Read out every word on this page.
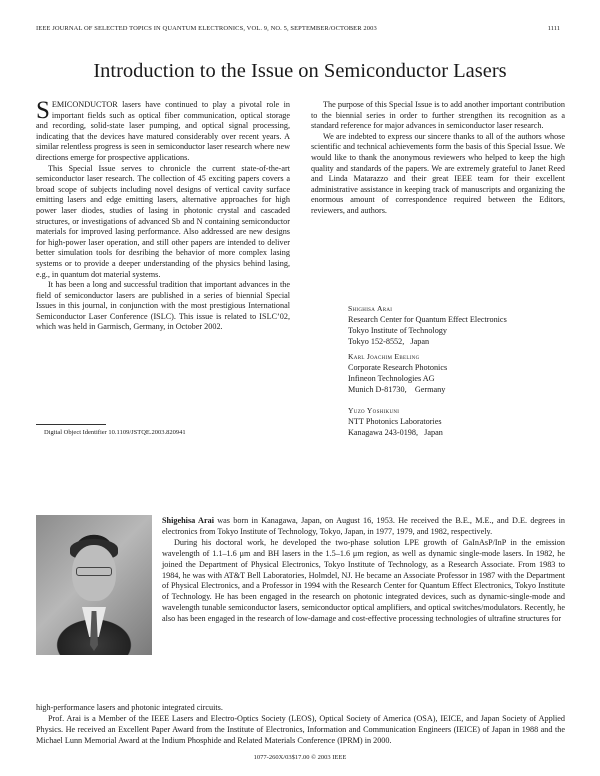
IEEE JOURNAL OF SELECTED TOPICS IN QUANTUM ELECTRONICS, VOL. 9, NO. 5, SEPTEMBER/OCTOBER 2003	1111
Introduction to the Issue on Semiconductor Lasers

SEMICONDUCTOR lasers have continued to play a pivotal role in important fields such as optical fiber communication, optical storage and recording, solid-state laser pumping, and optical signal processing, indicating that the devices have matured considerably over recent years. A similar relentless progress is seen in semiconductor laser research where new directions emerge for prospective applications.

This Special Issue serves to chronicle the current state-of-the-art semiconductor laser research. The collection of 45 exciting papers covers a broad scope of subjects including novel designs of vertical cavity surface emitting lasers and edge emitting lasers, alternative approaches for high power laser diodes, studies of lasing in photonic crystal and cascaded structures, or investigations of advanced Sb and N containing semiconductor materials for improved lasing performance. Also addressed are new designs for high-power laser operation, and still other papers are intended to deliver better simulation tools for desribing the behavior of more complex lasing systems or to provide a deeper understanding of the physics behind lasing, e.g., in quantum dot material systems.

It has been a long and successful tradition that important advances in the field of semiconductor lasers are published in a series of biennial Special Issues in this journal, in conjunction with the most prestigious International Semiconductor Laser Conference (ISLC). This issue is related to ISLC’02, which was held in Garmisch, Germany, in October 2002.

The purpose of this Special Issue is to add another important contribution to the biennial series in order to further strengthen its recognition as a standard reference for major advances in semiconductor laser research.

We are indebted to express our sincere thanks to all of the authors whose scientific and technical achievements form the basis of this Special Issue. We would like to thank the anonymous reviewers who helped to keep the high quality and standards of the papers. We are extremely grateful to Janet Reed and Linda Matarazzo and their great IEEE team for their excellent administrative assistance in keeping track of manuscripts and organizing the enormous amount of correspondence required between the Editors, reviewers, and authors.

Shighisa Arai
Research Center for Quantum Effect Electronics
Tokyo Institute of Technology
Tokyo 152-8552,   Japan
Karl Joachim Ebeling
Corporate Research Photonics
Infineon Technologies AG
Munich D-81730,    Germany
Yuzo Yoshikuni
NTT Photonics Laboratories
Kanagawa 243-0198,   Japan
Digital Object Identifier 10.1109/JSTQE.2003.820941

Shigehisa Arai was born in Kanagawa, Japan, on August 16, 1953. He received the B.E., M.E., and D.E. degrees in electronics from Tokyo Institute of Technology, Tokyo, Japan, in 1977, 1979, and 1982, respectively.

During his doctoral work, he developed the two-phase solution LPE growth of GaInAsP/InP in the emission wavelength of 1.1–1.6 μm and BH lasers in the 1.5–1.6 μm region, as well as dynamic single-mode lasers. In 1982, he joined the Department of Physical Electronics, Tokyo Institute of Technology, as a Research Associate. From 1983 to 1984, he was with AT&T Bell Laboratories, Holmdel, NJ. He became an Associate Professor in 1987 with the Department of Physical Electronics, and a Professor in 1994 with the Research Center for Quantum Effect Electronics, Tokyo Institute of Technology. He has been engaged in the research on photonic integrated devices, such as dynamic-single-mode and wavelength tunable semiconductor lasers, semiconductor optical amplifiers, and optical switches/modulators. Recently, he also has been engaged in the research of low-damage and cost-effective processing technologies of ultrafine structures for

high-performance lasers and photonic integrated circuits.

Prof. Arai is a Member of the IEEE Lasers and Electro-Optics Society (LEOS), Optical Society of America (OSA), IEICE, and Japan Society of Applied Physics. He received an Excellent Paper Award from the Institute of Electronics, Information and Communication Engineers (IEICE) of Japan in 1988 and the Michael Lunn Memorial Award at the Indium Phosphide and Related Materials Conference (IPRM) in 2000.

1077-260X/03$17.00 © 2003 IEEE
